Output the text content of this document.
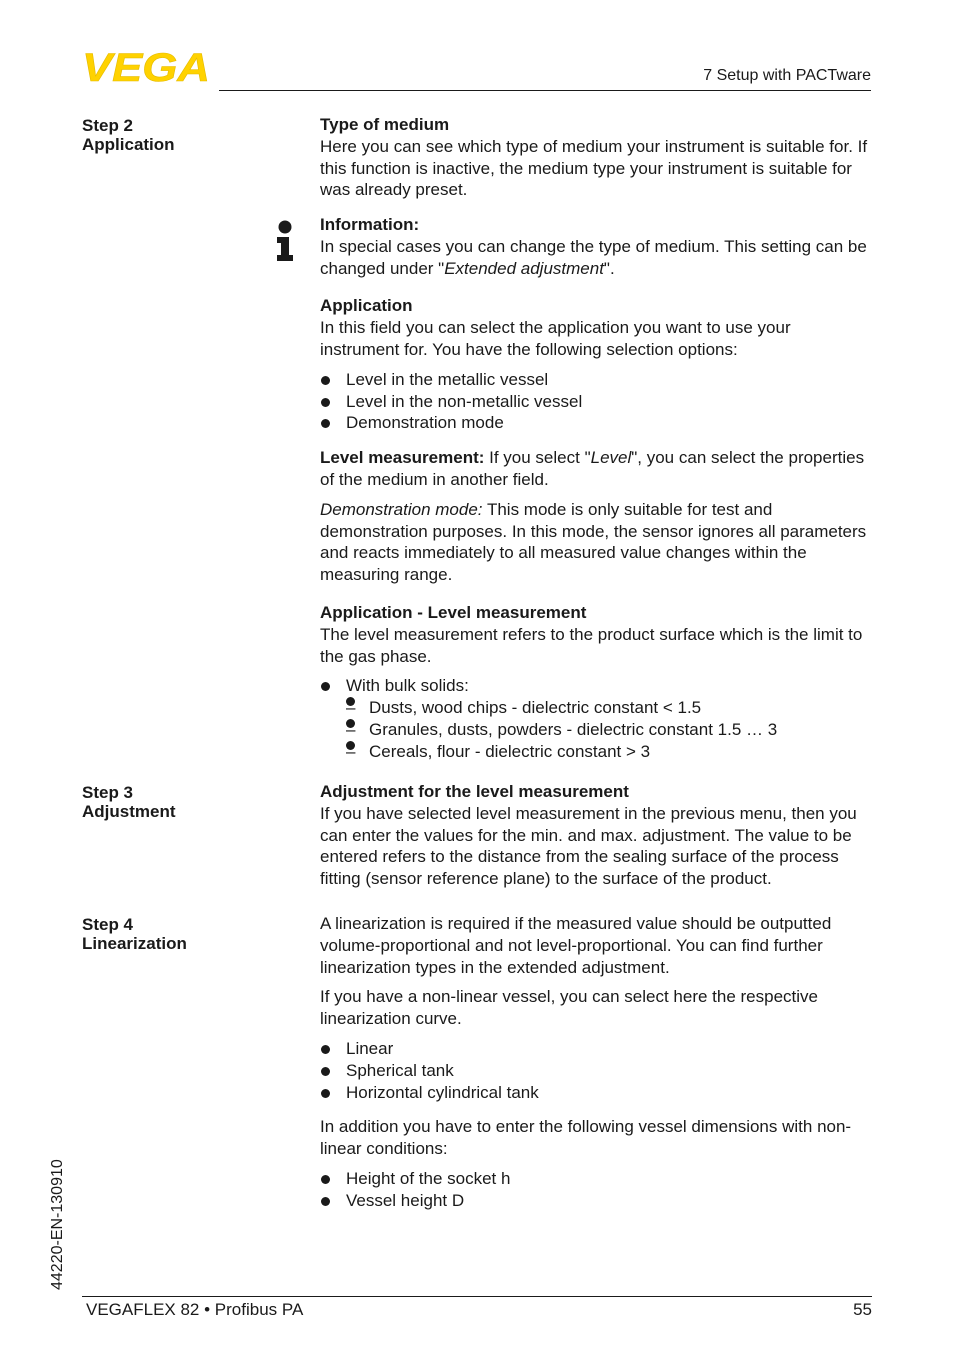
VEGA	7 Setup with PACTware
Step 2
Application
Step 3
Adjustment
Step 4
Linearization
Type of medium

Here you can see which type of medium your instrument is suitable for. If this function is inactive, the medium type your instrument is suitable for was already preset.

Information:

In special cases you can change the type of medium. This setting can be changed under "Extended adjustment".

Application

In this field you can select the application you want to use your instrument for. You have the following selection options:

Level in the metallic vessel
Level in the non-metallic vessel
Demonstration mode

Level measurement: If you select "Level", you can select the properties of the medium in another field.

Demonstration mode: This mode is only suitable for test and demonstration purposes. In this mode, the sensor ignores all parameters and reacts immediately to all measured value changes within the measuring range.

Application - Level measurement

The level measurement refers to the product surface which is the limit to the gas phase.

With bulk solids:
– Dusts, wood chips - dielectric constant < 1.5
– Granules, dusts, powders - dielectric constant 1.5 … 3
– Cereals, flour - dielectric constant > 3
Adjustment for the level measurement

If you have selected level measurement in the previous menu, then you can enter the values for the min. and max. adjustment. The value to be entered refers to the distance from the sealing surface of the process fitting (sensor reference plane) to the surface of the product.

A linearization is required if the measured value should be outputted volume-proportional and not level-proportional. You can find further linearization types in the extended adjustment.

If you have a non-linear vessel, you can select here the respective linearization curve.

Linear
Spherical tank
Horizontal cylindrical tank

In addition you have to enter the following vessel dimensions with non-linear conditions:

Height of the socket h
Vessel height D
44220-EN-130910
VEGAFLEX 82 • Profibus PA	55
